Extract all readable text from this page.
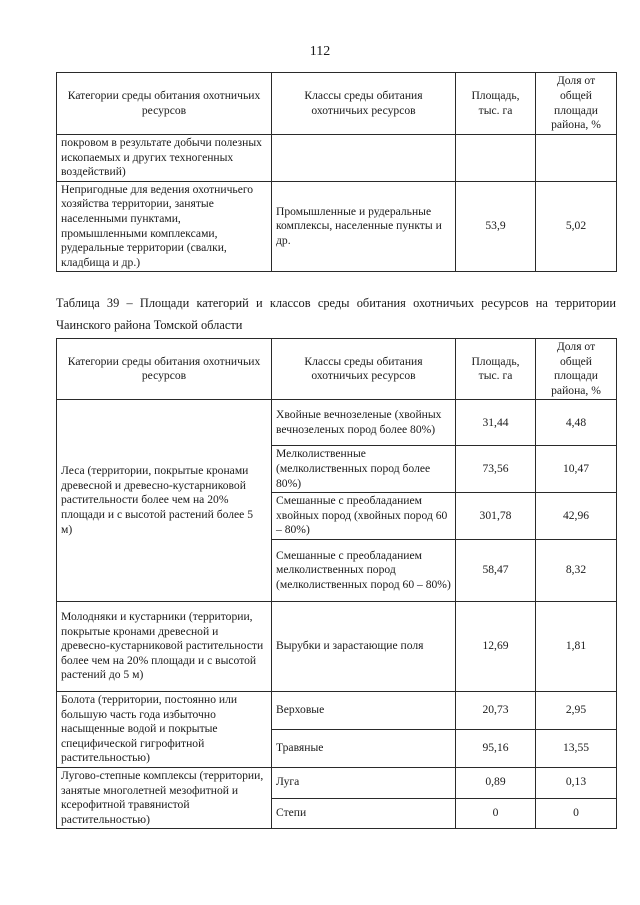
112
Категории среды обитания охотничьих ресурсов	Классы среды обитания охотничьих ресурсов	Площадь, тыс. га	Доля от общей площади района, %
покровом в результате добычи полезных ископаемых и других техногенных воздействий)			
Непригодные для ведения охотничьего хозяйства территории, занятые населенными пунктами, промышленными комплексами, рудеральные территории (свалки, кладбища и др.)	Промышленные и рудеральные комплексы, населенные пункты и др.	53,9	5,02

Таблица 39 – Площади категорий и классов среды обитания охотничьих ресурсов на территории

Чаинского района Томской области

Категории среды обитания охотничьих ресурсов	Классы среды обитания охотничьих ресурсов	Площадь, тыс. га	Доля от общей площади района, %
Леса (территории, покрытые кронами древесной и древесно-кустарниковой растительности более чем на 20% площади и с высотой растений более 5 м)	Хвойные вечнозеленые (хвойных вечнозеленых пород более 80%)	31,44	4,48
	Мелколиственные (мелколиственных пород более 80%)	73,56	10,47
	Смешанные с преобладанием хвойных пород (хвойных пород 60 – 80%)	301,78	42,96
	Смешанные с преобладанием мелколиственных пород (мелколиственных пород 60 – 80%)	58,47	8,32
Молодняки и кустарники (территории, покрытые кронами древесной и древесно-кустарниковой растительности более чем на 20% площади и с высотой растений до 5 м)	Вырубки и зарастающие поля	12,69	1,81
Болота (территории, постоянно или большую часть года избыточно насыщенные водой и покрытые специфической гигрофитной растительностью)	Верховые	20,73	2,95
	Травяные	95,16	13,55
Лугово-степные комплексы (территории, занятые многолетней мезофитной и ксерофитной травянистой растительностью)	Луга	0,89	0,13
	Степи	0	0
